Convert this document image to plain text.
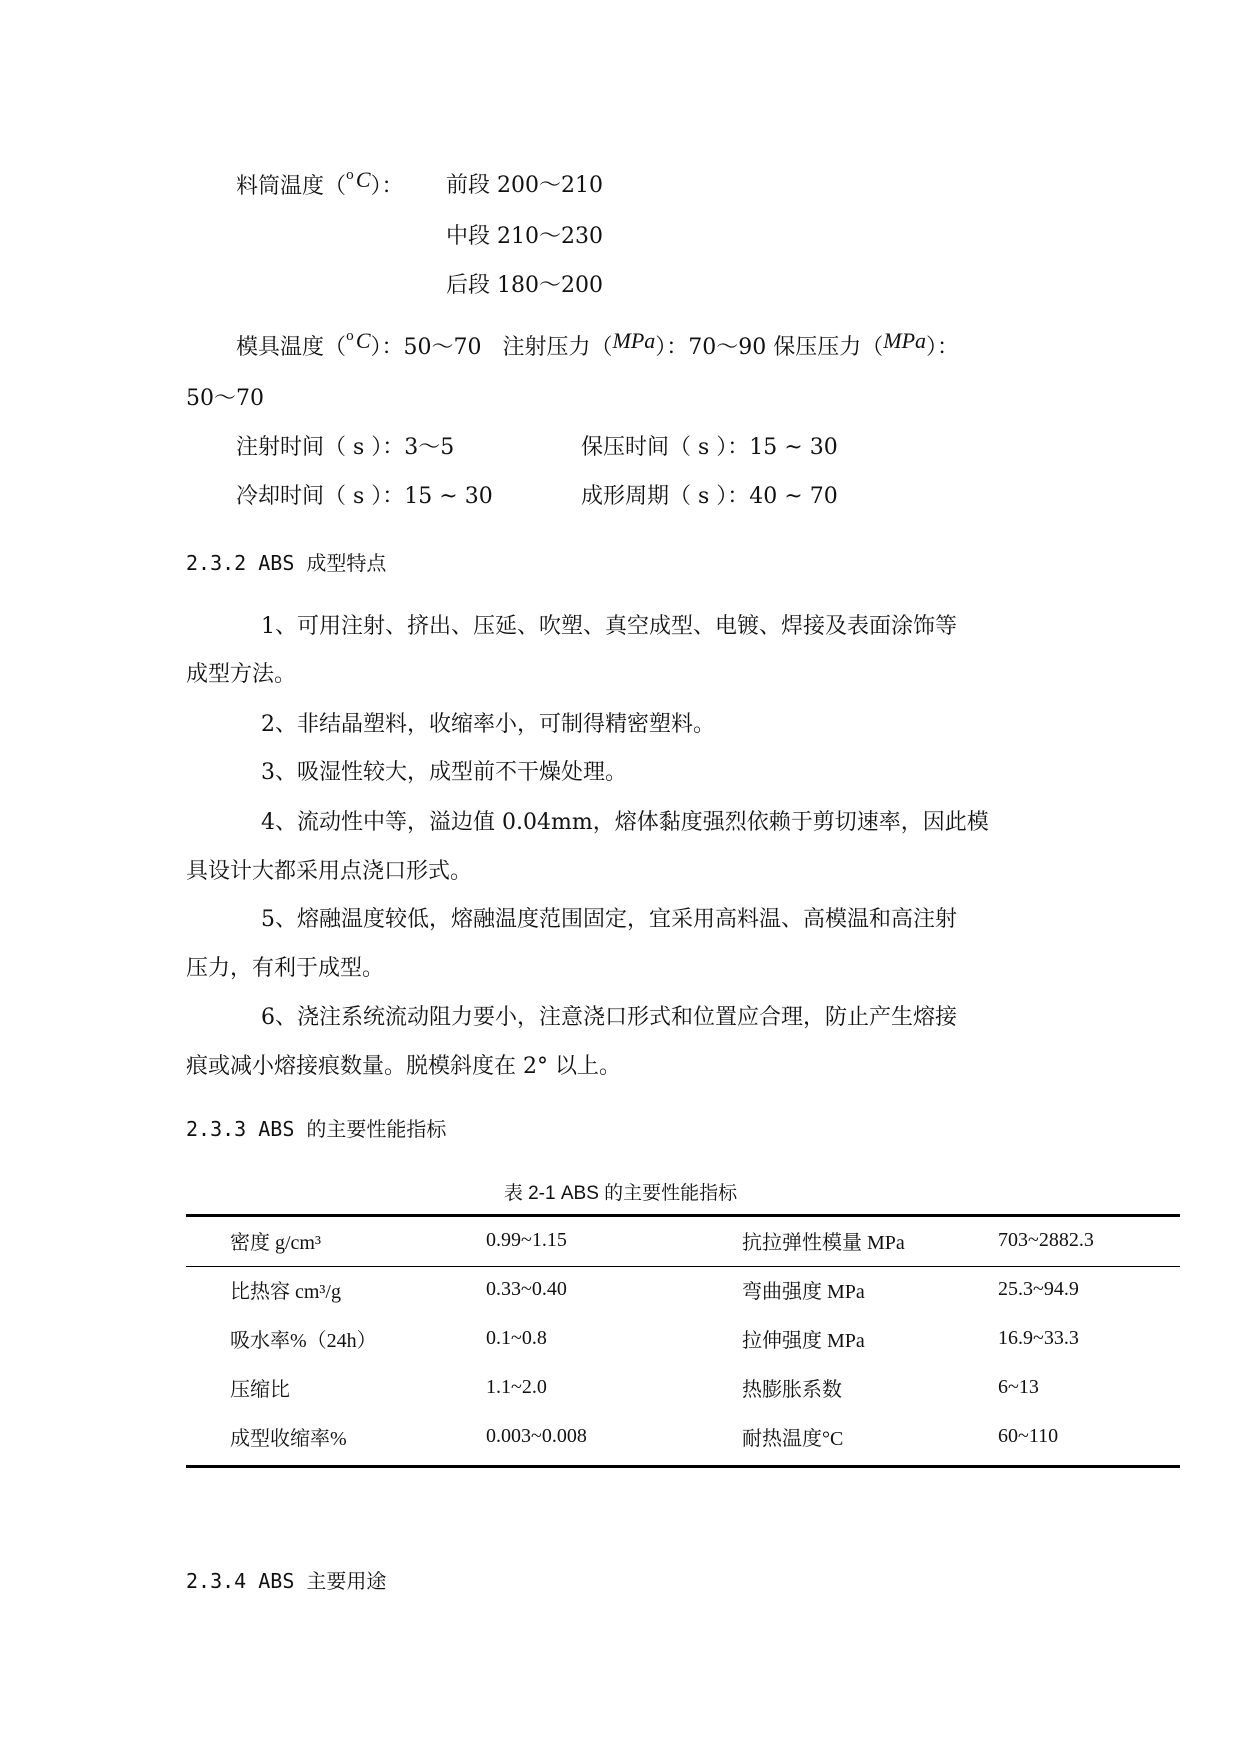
料筒温度（$^o$C）： 前段 200～210
中段 210～230
后段 180～200
模具温度（$^o$C）：50～70 注射压力（MPa）：70～90 保压压力（MPa）：
50～70
注射时间（ s ）：3～5	保压时间（ s ）：15 ~ 30
冷却时间（ s ）：15 ~ 30	成形周期（ s ）：40 ~ 70
2.3.2 ABS 成型特点
1、可用注射、挤出、压延、吹塑、真空成型、电镀、焊接及表面涂饰等
成型方法。
2、非结晶塑料，收缩率小，可制得精密塑料。
3、吸湿性较大，成型前不干燥处理。
4、流动性中等，溢边值 0.04mm，熔体黏度强烈依赖于剪切速率，因此模
具设计大都采用点浇口形式。
5、熔融温度较低，熔融温度范围固定，宜采用高料温、高模温和高注射
压力，有利于成型。
6、浇注系统流动阻力要小，注意浇口形式和位置应合理，防止产生熔接
痕或减小熔接痕数量。脱模斜度在 2° 以上。
2.3.3 ABS 的主要性能指标
表 2-1 ABS 的主要性能指标
密度 g/cm³	0.99~1.15	抗拉弹性模量 MPa	703~2882.3
比热容 cm³/g	0.33~0.40	弯曲强度 MPa	25.3~94.9
吸水率%（24h）	0.1~0.8	拉伸强度 MPa	16.9~33.3
压缩比	1.1~2.0	热膨胀系数	6~13
成型收缩率%	0.003~0.008	耐热温度°C	60~110
2.3.4 ABS 主要用途
